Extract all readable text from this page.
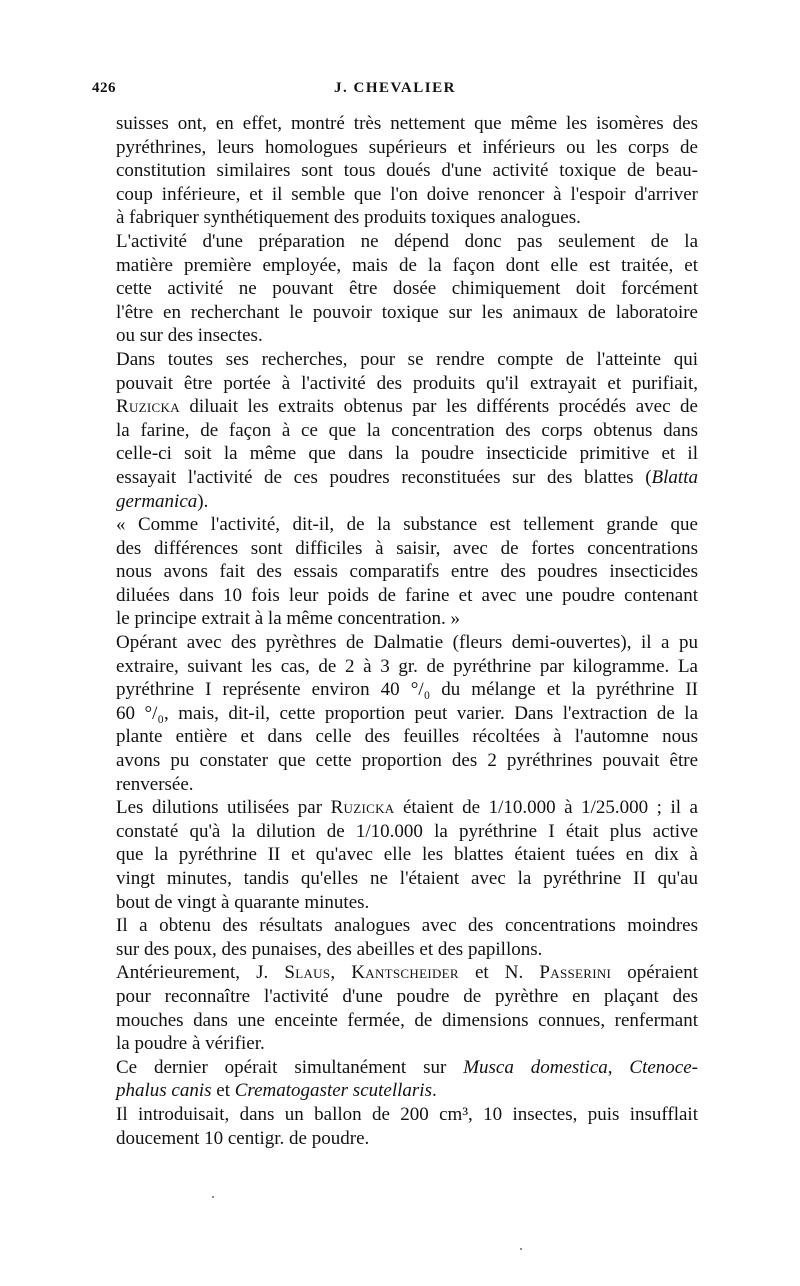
426	J. CHEVALIER

suisses ont, en effet, montré très nettement que même les isomères des
pyréthrines, leurs homologues supérieurs et inférieurs ou les corps de
constitution similaires sont tous doués d'une activité toxique de beau-
coup inférieure, et il semble que l'on doive renoncer à l'espoir d'arriver
à fabriquer synthétiquement des produits toxiques analogues.

L'activité d'une préparation ne dépend donc pas seulement de la
matière première employée, mais de la façon dont elle est traitée, et
cette activité ne pouvant être dosée chimiquement doit forcément
l'être en recherchant le pouvoir toxique sur les animaux de laboratoire
ou sur des insectes.

Dans toutes ses recherches, pour se rendre compte de l'atteinte qui
pouvait être portée à l'activité des produits qu'il extrayait et purifiait,
Ruzicka diluait les extraits obtenus par les différents procédés avec de
la farine, de façon à ce que la concentration des corps obtenus dans
celle-ci soit la même que dans la poudre insecticide primitive et il
essayait l'activité de ces poudres reconstituées sur des blattes (Blatta
germanica).

« Comme l'activité, dit-il, de la substance est tellement grande que
des différences sont difficiles à saisir, avec de fortes concentrations
nous avons fait des essais comparatifs entre des poudres insecticides
diluées dans 10 fois leur poids de farine et avec une poudre contenant
le principe extrait à la même concentration. »

Opérant avec des pyrèthres de Dalmatie (fleurs demi-ouvertes), il a pu
extraire, suivant les cas, de 2 à 3 gr. de pyréthrine par kilogramme. La
pyréthrine I représente environ 40 °/₀ du mélange et la pyréthrine II
60 °/₀, mais, dit-il, cette proportion peut varier. Dans l'extraction de la
plante entière et dans celle des feuilles récoltées à l'automne nous
avons pu constater que cette proportion des 2 pyréthrines pouvait être
renversée.

Les dilutions utilisées par Ruzicka étaient de 1/10.000 à 1/25.000 ; il a
constaté qu'à la dilution de 1/10.000 la pyréthrine I était plus active
que la pyréthrine II et qu'avec elle les blattes étaient tuées en dix à
vingt minutes, tandis qu'elles ne l'étaient avec la pyréthrine II qu'au
bout de vingt à quarante minutes.

Il a obtenu des résultats analogues avec des concentrations moindres
sur des poux, des punaises, des abeilles et des papillons.

Antérieurement, J. Slaus, Kantscheider et N. Passerini opéraient
pour reconnaître l'activité d'une poudre de pyrèthre en plaçant des
mouches dans une enceinte fermée, de dimensions connues, renfermant
la poudre à vérifier.

Ce dernier opérait simultanément sur Musca domestica, Ctenoce-
phalus canis et Crematogaster scutellaris.

Il introduisait, dans un ballon de 200 cm³, 10 insectes, puis insufflait
doucement 10 centigr. de poudre.
